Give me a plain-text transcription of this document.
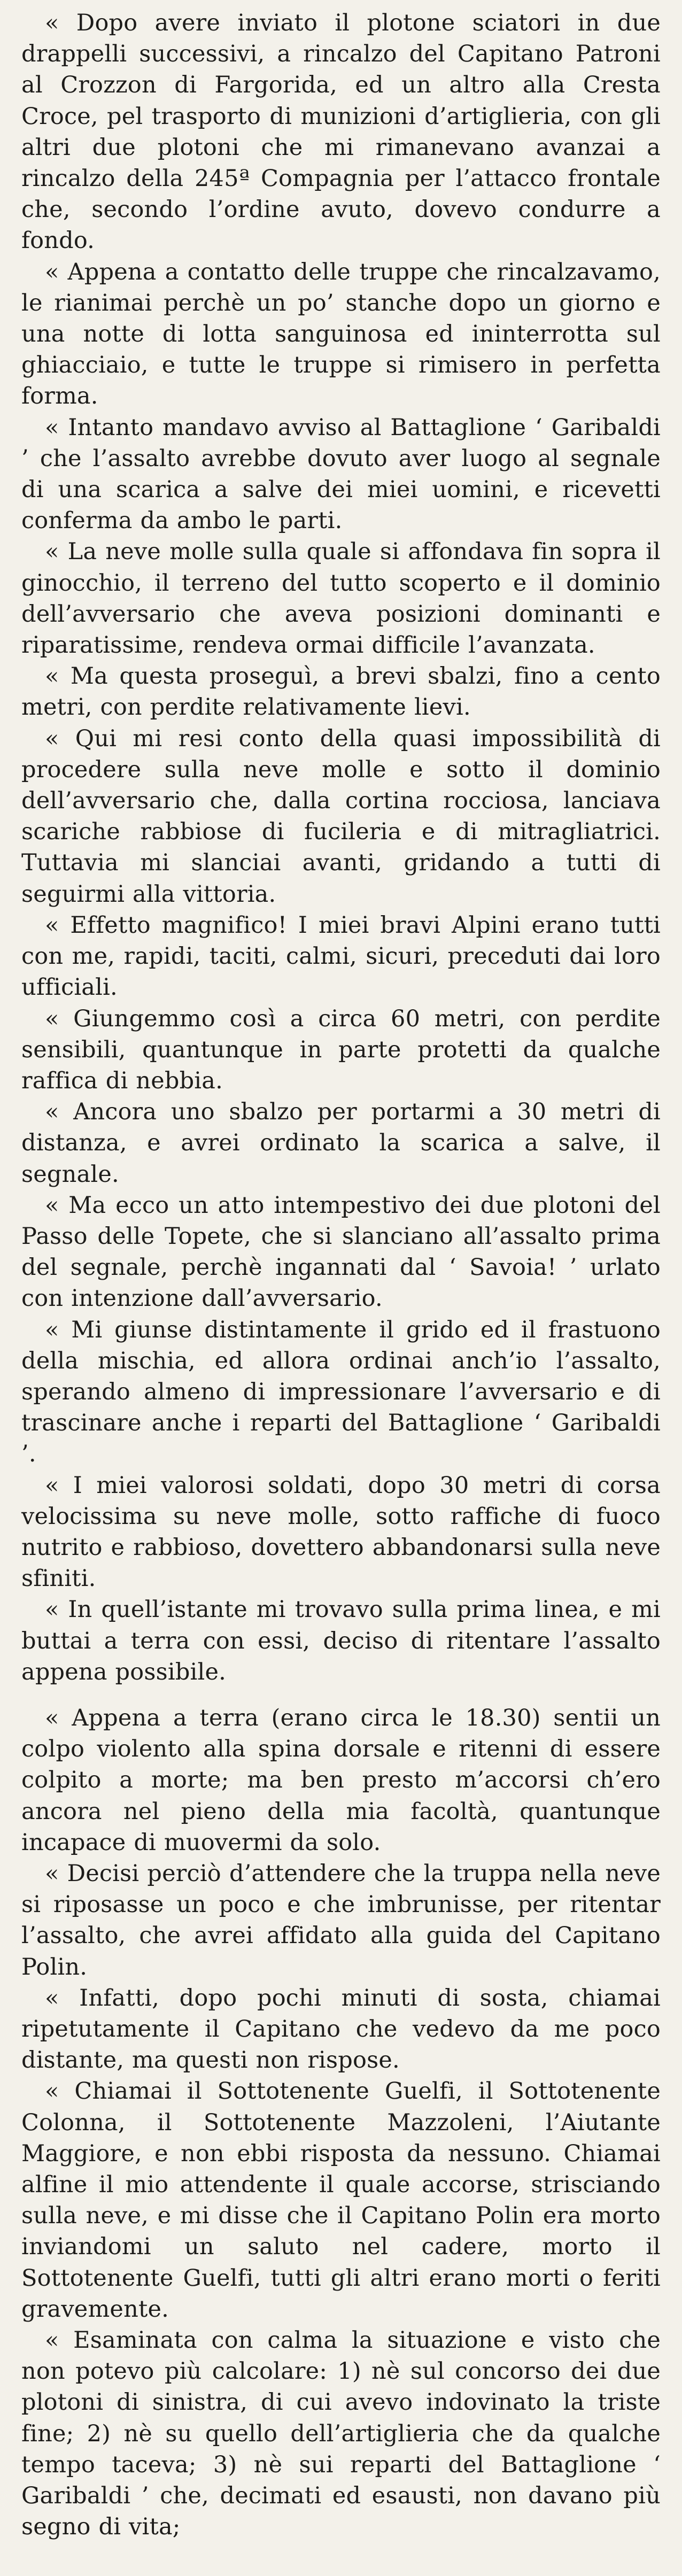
« Dopo avere inviato il plotone sciatori in due drappelli successivi, a rincalzo del Capitano Patroni al Crozzon di Fargorida, ed un altro alla Cresta Croce, pel trasporto di munizioni d’artiglieria, con gli altri due plotoni che mi rimanevano avanzai a rincalzo della 245ª Compagnia per l’attacco frontale che, secondo l’ordine avuto, dovevo condurre a fondo.

« Appena a contatto delle truppe che rincalzavamo, le rianimai perchè un po’ stanche dopo un giorno e una notte di lotta sanguinosa ed ininterrotta sul ghiacciaio, e tutte le truppe si rimisero in perfetta forma.

« Intanto mandavo avviso al Battaglione ‘ Garibaldi ’ che l’assalto avrebbe dovuto aver luogo al segnale di una scarica a salve dei miei uomini, e ricevetti conferma da ambo le parti.

« La neve molle sulla quale si affondava fin sopra il ginocchio, il terreno del tutto scoperto e il dominio dell’avversario che aveva posizioni dominanti e riparatissime, rendeva ormai difficile l’avanzata.

« Ma questa proseguì, a brevi sbalzi, fino a cento metri, con perdite relativamente lievi.

« Qui mi resi conto della quasi impossibilità di procedere sulla neve molle e sotto il dominio dell’avversario che, dalla cortina rocciosa, lanciava scariche rabbiose di fucileria e di mitragliatrici. Tuttavia mi slanciai avanti, gridando a tutti di seguirmi alla vittoria.

« Effetto magnifico! I miei bravi Alpini erano tutti con me, rapidi, taciti, calmi, sicuri, preceduti dai loro ufficiali.

« Giungemmo così a circa 60 metri, con perdite sensibili, quantunque in parte protetti da qualche raffica di nebbia.

« Ancora uno sbalzo per portarmi a 30 metri di distanza, e avrei ordinato la scarica a salve, il segnale.

« Ma ecco un atto intempestivo dei due plotoni del Passo delle Topete, che si slanciano all’assalto prima del segnale, perchè ingannati dal ‘ Savoia! ’ urlato con intenzione dall’avversario.

« Mi giunse distintamente il grido ed il frastuono della mischia, ed allora ordinai anch’io l’assalto, sperando almeno di impressionare l’avversario e di trascinare anche i reparti del Battaglione ‘ Garibaldi ’.

« I miei valorosi soldati, dopo 30 metri di corsa velocissima su neve molle, sotto raffiche di fuoco nutrito e rabbioso, dovettero abbandonarsi sulla neve sfiniti.

« In quell’istante mi trovavo sulla prima linea, e mi buttai a terra con essi, deciso di ritentare l’assalto appena possibile.

« Appena a terra (erano circa le 18.30) sentii un colpo violento alla spina dorsale e ritenni di essere colpito a morte; ma ben presto m’accorsi ch’ero ancora nel pieno della mia facoltà, quantunque incapace di muovermi da solo.

« Decisi perciò d’attendere che la truppa nella neve si riposasse un poco e che imbrunisse, per ritentar l’assalto, che avrei affidato alla guida del Capitano Polin.

« Infatti, dopo pochi minuti di sosta, chiamai ripetutamente il Capitano che vedevo da me poco distante, ma questi non rispose.

« Chiamai il Sottotenente Guelfi, il Sottotenente Colonna, il Sottotenente Mazzoleni, l’Aiutante Maggiore, e non ebbi risposta da nessuno. Chiamai alfine il mio attendente il quale accorse, strisciando sulla neve, e mi disse che il Capitano Polin era morto inviandomi un saluto nel cadere, morto il Sottotenente Guelfi, tutti gli altri erano morti o feriti gravemente.

« Esaminata con calma la situazione e visto che non potevo più calcolare: 1) nè sul concorso dei due plotoni di sinistra, di cui avevo indovinato la triste fine; 2) nè su quello dell’artiglieria che da qualche tempo taceva; 3) nè sui reparti del Battaglione ‘ Garibaldi ’ che, decimati ed esausti, non davano più segno di vita;
